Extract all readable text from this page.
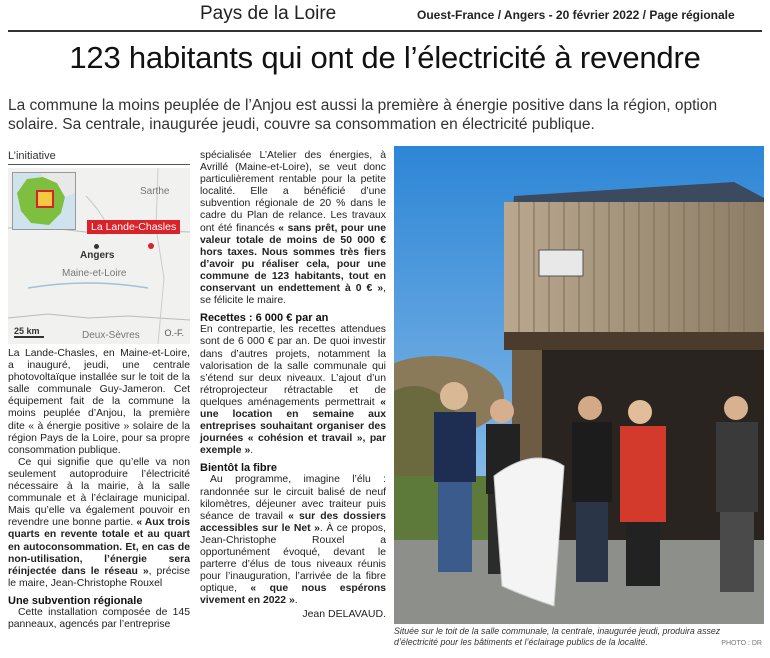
Pays de la Loire	Ouest-France / Angers - 20 février 2022 / Page régionale
123 habitants qui ont de l’électricité à revendre
La commune la moins peuplée de l’Anjou est aussi la première à énergie positive dans la région, option solaire. Sa centrale, inaugurée jeudi, couvre sa consommation en électricité publique.
L’initiative
Sarthe
La Lande-Chasles
Angers
Maine-et-Loire
Deux-Sèvres
25 km	O.-F.

La Lande-Chasles, en Maine-et-Loire, a inauguré, jeudi, une centrale photovoltaïque installée sur le toit de la salle communale Guy-Jameron. Cet équipement fait de la commune la moins peuplée d’Anjou, la première dite « à énergie positive » solaire de la région Pays de la Loire, pour sa propre consommation publique.

Ce qui signifie que qu’elle va non seulement autoproduire l’électricité nécessaire à la mairie, à la salle communale et à l’éclairage municipal. Mais qu’elle va également pouvoir en revendre une bonne partie. « Aux trois quarts en revente totale et au quart en autoconsommation. Et, en cas de non-utilisation, l’énergie sera réinjectée dans le réseau », précise le maire, Jean-Christophe Rouxel

Une subvention régionale

Cette installation composée de 145 panneaux, agencés par l’entreprise

spécialisée L’Atelier des énergies, à Avrillé (Maine-et-Loire), se veut donc particulièrement rentable pour la petite localité. Elle a bénéficié d’une subvention régionale de 20 % dans le cadre du Plan de relance. Les travaux ont été financés « sans prêt, pour une valeur totale de moins de 50 000 € hors taxes. Nous sommes très fiers d’avoir pu réaliser cela, pour une commune de 123 habitants, tout en conservant un endettement à 0 € », se félicite le maire.

Recettes : 6 000 € par an

En contrepartie, les recettes attendues sont de 6 000 € par an. De quoi investir dans d’autres projets, notamment la valorisation de la salle communale qui s’étend sur deux niveaux. L’ajout d’un rétroprojecteur rétractable et de quelques aménagements permettrait « une location en semaine aux entreprises souhaitant organiser des journées « cohésion et travail », par exemple ».

Bientôt la fibre

Au programme, imagine l’élu : randonnée sur le circuit balisé de neuf kilomètres, déjeuner avec traiteur puis séance de travail « sur des dossiers accessibles sur le Net ». À ce propos, Jean-Christophe Rouxel a opportunément évoqué, devant le parterre d’élus de tous niveaux réunis pour l’inauguration, l’arrivée de la fibre optique, « que nous espérons vivement en 2022 ».

Jean DELAVAUD.
Située sur le toit de la salle communale, la centrale, inaugurée jeudi, produira assez d’électricité pour les bâtiments et l’éclairage publics de la localité.	PHOTO : DR
